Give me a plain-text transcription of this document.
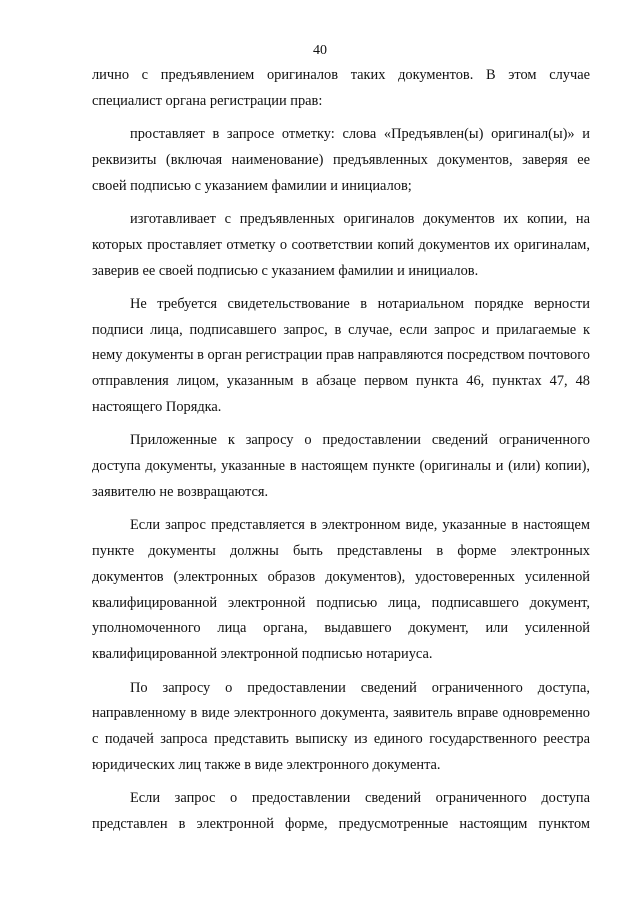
40

лично с предъявлением оригиналов таких документов. В этом случае специалист органа регистрации прав:

проставляет в запросе отметку: слова «Предъявлен(ы) оригинал(ы)» и реквизиты (включая наименование) предъявленных документов, заверяя ее своей подписью с указанием фамилии и инициалов;

изготавливает с предъявленных оригиналов документов их копии, на которых проставляет отметку о соответствии копий документов их оригиналам, заверив ее своей подписью с указанием фамилии и инициалов.

Не требуется свидетельствование в нотариальном порядке верности подписи лица, подписавшего запрос, в случае, если запрос и прилагаемые к нему документы в орган регистрации прав направляются посредством почтового отправления лицом, указанным в абзаце первом пункта 46, пунктах 47, 48 настоящего Порядка.

Приложенные к запросу о предоставлении сведений ограниченного доступа документы, указанные в настоящем пункте (оригиналы и (или) копии), заявителю не возвращаются.

Если запрос представляется в электронном виде, указанные в настоящем пункте документы должны быть представлены в форме электронных документов (электронных образов документов), удостоверенных усиленной квалифицированной электронной подписью лица, подписавшего документ, уполномоченного лица органа, выдавшего документ, или усиленной квалифицированной электронной подписью нотариуса.

По запросу о предоставлении сведений ограниченного доступа, направленному в виде электронного документа, заявитель вправе одновременно с подачей запроса представить выписку из единого государственного реестра юридических лиц также в виде электронного документа.

Если запрос о предоставлении сведений ограниченного доступа представлен в электронной форме, предусмотренные настоящим пунктом
